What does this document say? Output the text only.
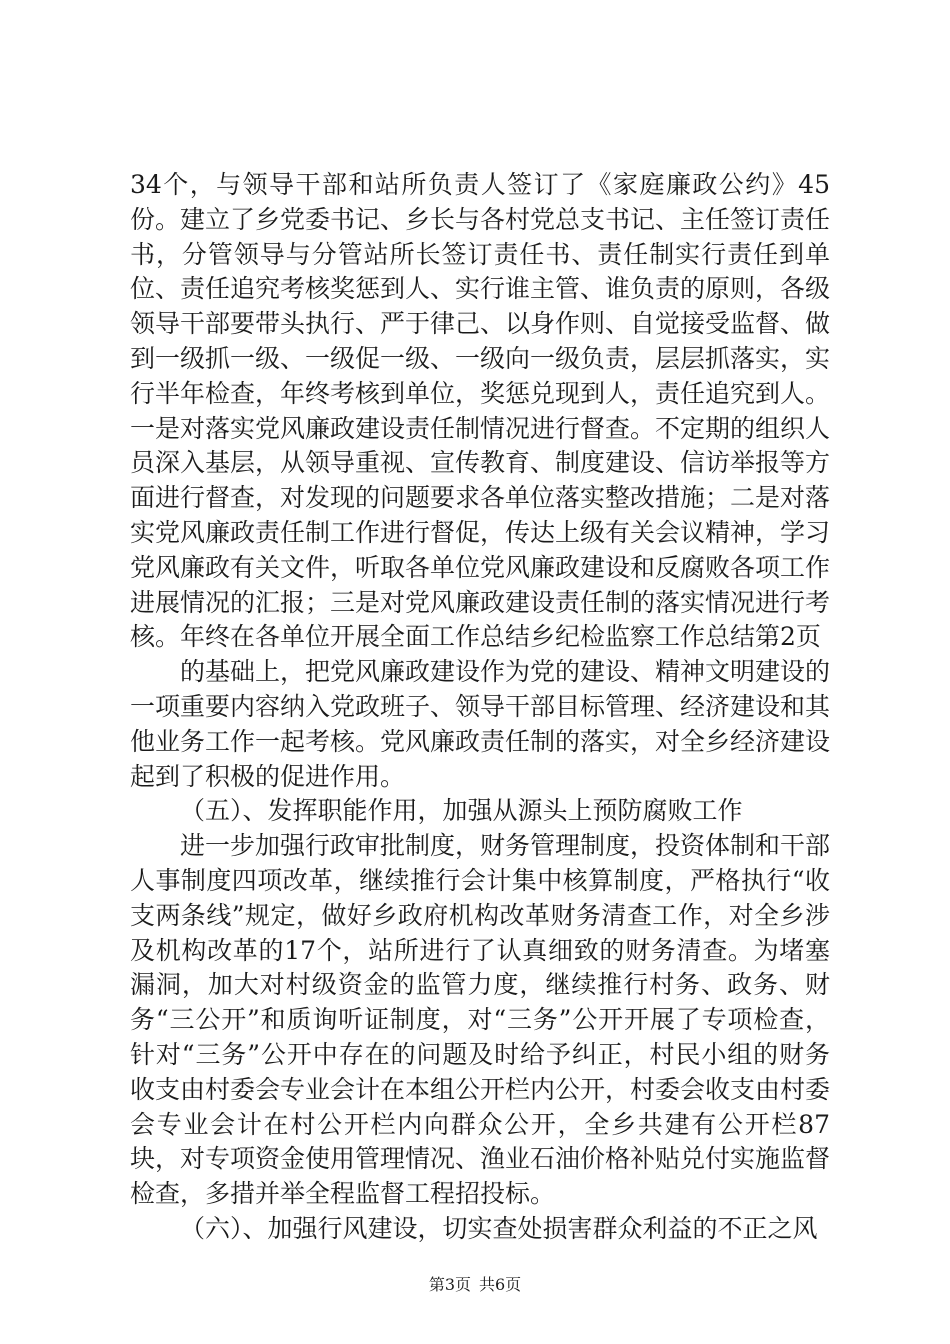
34个，与领导干部和站所负责人签订了《家庭廉政公约》45份。建立了乡党委书记、乡长与各村党总支书记、主任签订责任书，分管领导与分管站所长签订责任书、责任制实行责任到单位、责任追究考核奖惩到人、实行谁主管、谁负责的原则，各级领导干部要带头执行、严于律己、以身作则、自觉接受监督、做到一级抓一级、一级促一级、一级向一级负责，层层抓落实，实行半年检查，年终考核到单位，奖惩兑现到人，责任追究到人。一是对落实党风廉政建设责任制情况进行督查。不定期的组织人员深入基层，从领导重视、宣传教育、制度建设、信访举报等方面进行督查，对发现的问题要求各单位落实整改措施；二是对落实党风廉政责任制工作进行督促，传达上级有关会议精神，学习党风廉政有关文件，听取各单位党风廉政建设和反腐败各项工作进展情况的汇报；三是对党风廉政建设责任制的落实情况进行考核。年终在各单位开展全面工作总结乡纪检监察工作总结第2页

的基础上，把党风廉政建设作为党的建设、精神文明建设的一项重要内容纳入党政班子、领导干部目标管理、经济建设和其他业务工作一起考核。党风廉政责任制的落实，对全乡经济建设起到了积极的促进作用。

（五）、发挥职能作用，加强从源头上预防腐败工作

进一步加强行政审批制度，财务管理制度，投资体制和干部人事制度四项改革，继续推行会计集中核算制度，严格执行“收支两条线”规定，做好乡政府机构改革财务清查工作，对全乡涉及机构改革的17个，站所进行了认真细致的财务清查。为堵塞漏洞，加大对村级资金的监管力度，继续推行村务、政务、财务“三公开”和质询听证制度，对“三务”公开开展了专项检查，针对“三务”公开中存在的问题及时给予纠正，村民小组的财务收支由村委会专业会计在本组公开栏内公开，村委会收支由村委会专业会计在村公开栏内向群众公开，全乡共建有公开栏87块，对专项资金使用管理情况、渔业石油价格补贴兑付实施监督检查，多措并举全程监督工程招投标。

（六）、加强行风建设，切实查处损害群众利益的不正之风

第3页 共6页
